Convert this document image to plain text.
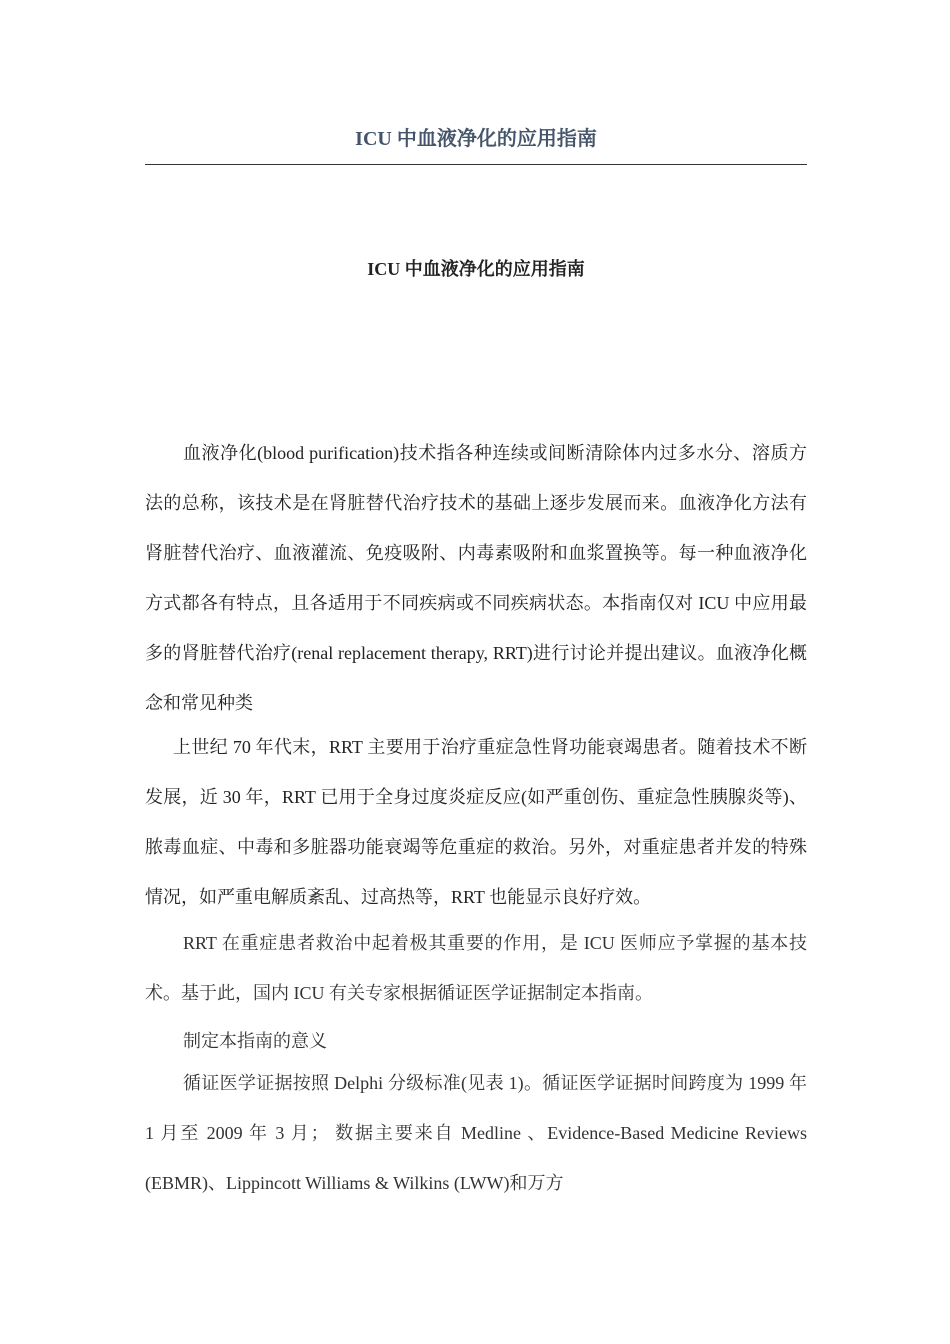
ICU 中血液净化的应用指南
ICU 中血液净化的应用指南

血液净化(blood purification)技术指各种连续或间断清除体内过多水分、溶质方法的总称，该技术是在肾脏替代治疗技术的基础上逐步发展而来。血液净化方法有肾脏替代治疗、血液灌流、免疫吸附、内毒素吸附和血浆置换等。每一种血液净化方式都各有特点，且各适用于不同疾病或不同疾病状态。本指南仅对 ICU 中应用最多的肾脏替代治疗(renal replacement therapy, RRT)进行讨论并提出建议。血液净化概念和常见种类

上世纪 70 年代末，RRT 主要用于治疗重症急性肾功能衰竭患者。随着技术不断发展，近 30 年，RRT 已用于全身过度炎症反应(如严重创伤、重症急性胰腺炎等)、脓毒血症、中毒和多脏器功能衰竭等危重症的救治。另外，对重症患者并发的特殊情况，如严重电解质紊乱、过高热等，RRT 也能显示良好疗效。

RRT 在重症患者救治中起着极其重要的作用，是 ICU 医师应予掌握的基本技术。基于此，国内 ICU 有关专家根据循证医学证据制定本指南。

制定本指南的意义

循证医学证据按照 Delphi 分级标准(见表 1)。循证医学证据时间跨度为 1999 年 1 月至 2009 年 3 月； 数据主要来自 Medline 、Evidence-Based Medicine Reviews (EBMR)、Lippincott Williams & Wilkins (LWW)和万方
